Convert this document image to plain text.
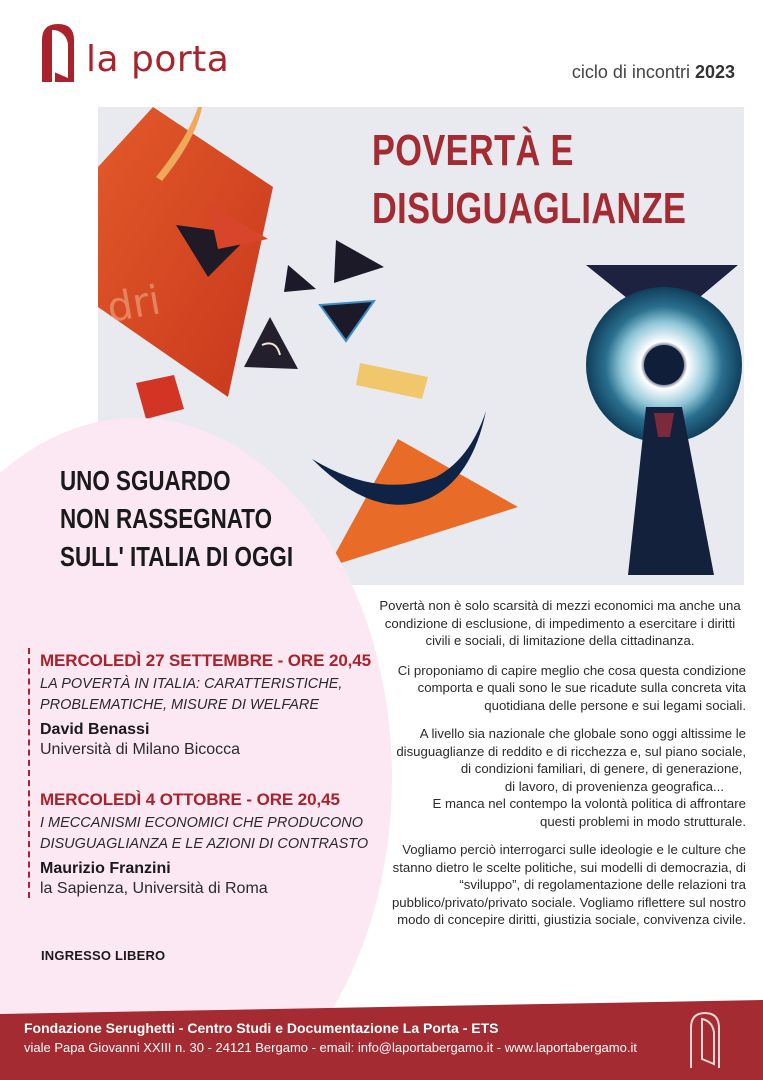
la porta	ciclo di incontri 2023
dri
POVERTÀ E
DISUGUAGLIANZE
UNO SGUARDO
NON RASSEGNATO
SULL' ITALIA DI OGGI
MERCOLEDÌ 27 SETTEMBRE - ORE 20,45
LA POVERTÀ IN ITALIA: CARATTERISTICHE,
PROBLEMATICHE, MISURE DI WELFARE
David Benassi
Università di Milano Bicocca
MERCOLEDÌ 4 OTTOBRE - ORE 20,45
I MECCANISMI ECONOMICI CHE PRODUCONO
DISUGUAGLIANZA E LE AZIONI DI CONTRASTO
Maurizio Franzini
la Sapienza, Università di Roma
INGRESSO LIBERO

Povertà non è solo scarsità di mezzi economici ma anche una condizione di esclusione, di impedimento a esercitare i diritti civili e sociali, di limitazione della cittadinanza.

Ci proponiamo di capire meglio che cosa questa condizione comporta e quali sono le sue ricadute sulla concreta vita quotidiana delle persone e sui legami sociali.

A livello sia nazionale che globale sono oggi altissime le
disuguaglianze di reddito e di ricchezza e, sul piano sociale,
di condizioni familiari, di genere, di generazione,
di lavoro, di provenienza geografica...
E manca nel contempo la volontà politica di affrontare
questi problemi in modo strutturale.

Vogliamo perciò interrogarci sulle ideologie e le culture che stanno dietro le scelte politiche, sui modelli di democrazia, di “sviluppo”, di regolamentazione delle relazioni tra pubblico/privato/privato sociale. Vogliamo riflettere sul nostro modo di concepire diritti, giustizia sociale, convivenza civile.

Fondazione Serughetti - Centro Studi e Documentazione La Porta - ETS
viale Papa Giovanni XXIII n. 30 - 24121 Bergamo - email: info@laportabergamo.it - www.laportabergamo.it
